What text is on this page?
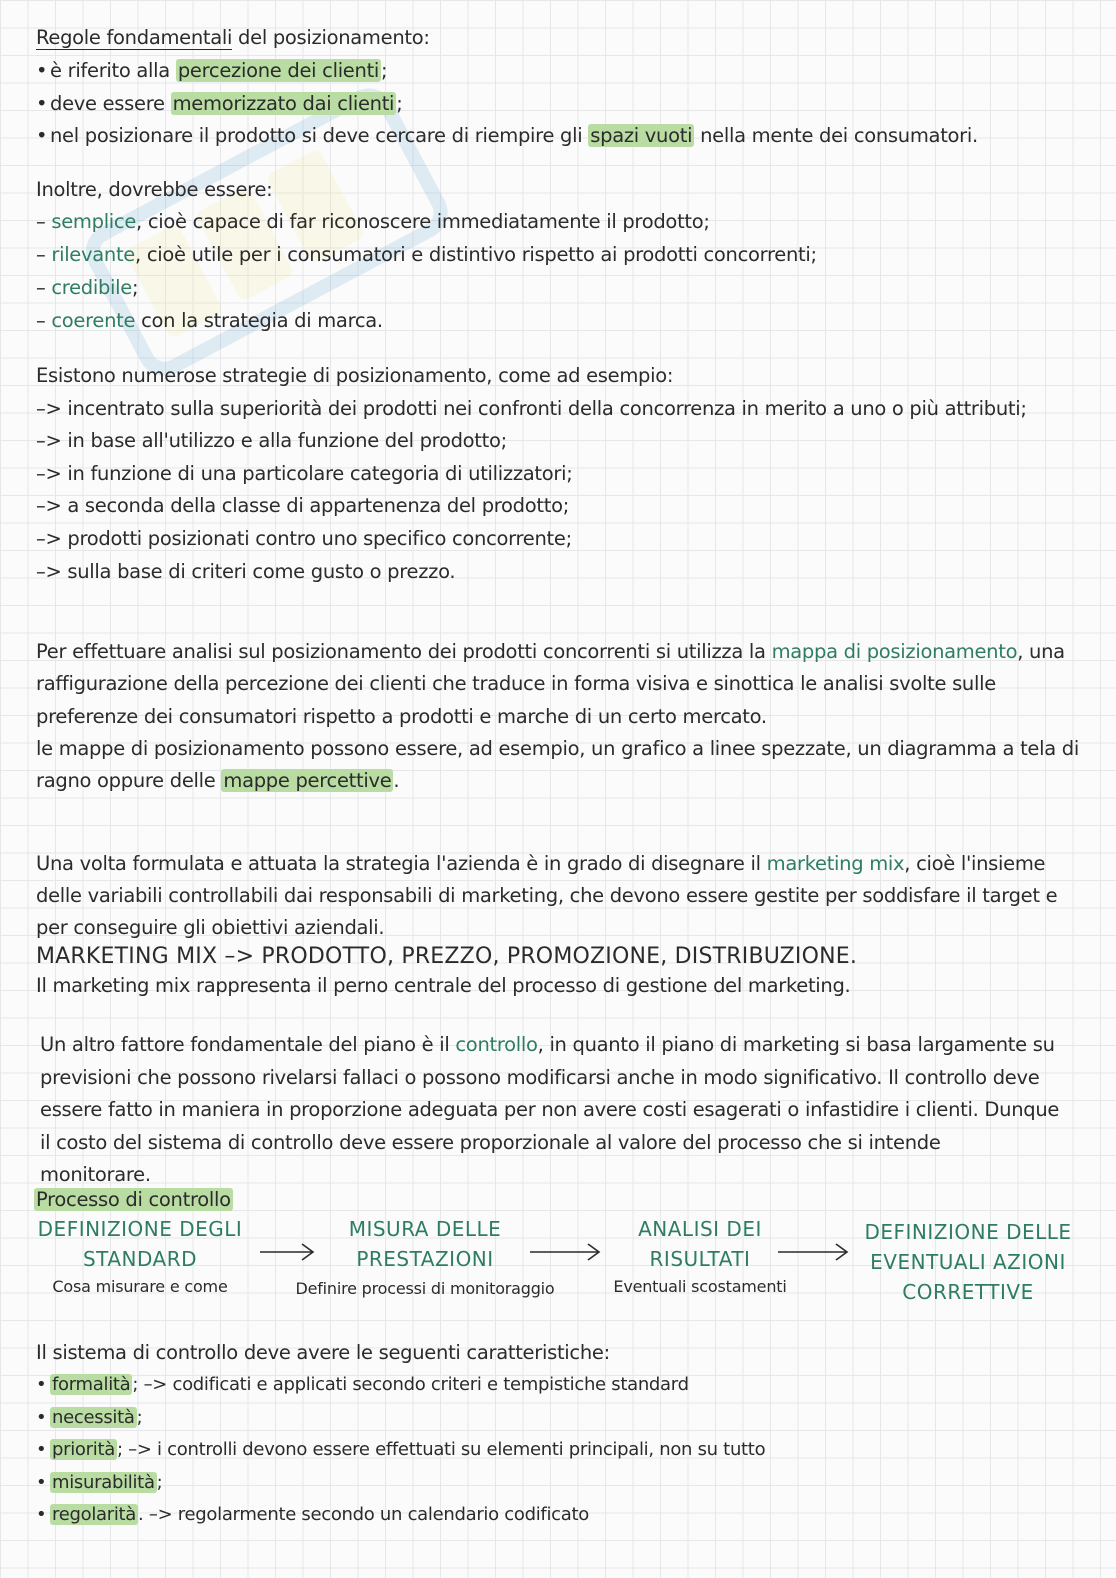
Regole fondamentali del posizionamento:
• è riferito alla percezione dei clienti ;
• deve essere memorizzato dai clienti ;
• nel posizionare il prodotto si deve cercare di riempire gli spazi vuoti nella mente dei consumatori.
Inoltre, dovrebbe essere:
– semplice, cioè capace di far riconoscere immediatamente il prodotto;
– rilevante, cioè utile per i consumatori e distintivo rispetto ai prodotti concorrenti;
– credibile;
– coerente con la strategia di marca.
Esistono numerose strategie di posizionamento, come ad esempio:
–> incentrato sulla superiorità dei prodotti nei confronti della concorrenza in merito a uno o più attributi;
–> in base all'utilizzo e alla funzione del prodotto;
–> in funzione di una particolare categoria di utilizzatori;
–> a seconda della classe di appartenenza del prodotto;
–> prodotti posizionati contro uno specifico concorrente;
–> sulla base di criteri come gusto o prezzo.
Per effettuare analisi sul posizionamento dei prodotti concorrenti si utilizza la mappa di posizionamento, una
raffigurazione della percezione dei clienti che traduce in forma visiva e sinottica le analisi svolte sulle
preferenze dei consumatori rispetto a prodotti e marche di un certo mercato.
le mappe di posizionamento possono essere, ad esempio, un grafico a linee spezzate, un diagramma a tela di
ragno oppure delle mappe percettive .
Una volta formulata e attuata la strategia l'azienda è in grado di disegnare il marketing mix, cioè l'insieme
delle variabili controllabili dai responsabili di marketing, che devono essere gestite per soddisfare il target e
per conseguire gli obiettivi aziendali.
MARKETING MIX –> PRODOTTO, PREZZO, PROMOZIONE, DISTRIBUZIONE.
Il marketing mix rappresenta il perno centrale del processo di gestione del marketing.
Un altro fattore fondamentale del piano è il controllo, in quanto il piano di marketing si basa largamente su
previsioni che possono rivelarsi fallaci o possono modificarsi anche in modo significativo. Il controllo deve
essere fatto in maniera in proporzione adeguata per non avere costi esagerati o infastidire i clienti. Dunque
il costo del sistema di controllo deve essere proporzionale al valore del processo che si intende
monitorare.
Processo di controllo
DEFINIZIONE DEGLI
STANDARD
Cosa misurare e come
MISURA DELLE
PRESTAZIONI
Definire processi di monitoraggio
ANALISI DEI
RISULTATI
Eventuali scostamenti
DEFINIZIONE DELLE
EVENTUALI AZIONI
CORRETTIVE
Il sistema di controllo deve avere le seguenti caratteristiche:
• formalità ; –> codificati e applicati secondo criteri e tempistiche standard
• necessità ;
• priorità ; –> i controlli devono essere effettuati su elementi principali, non su tutto
• misurabilità ;
• regolarità . –> regolarmente secondo un calendario codificato
